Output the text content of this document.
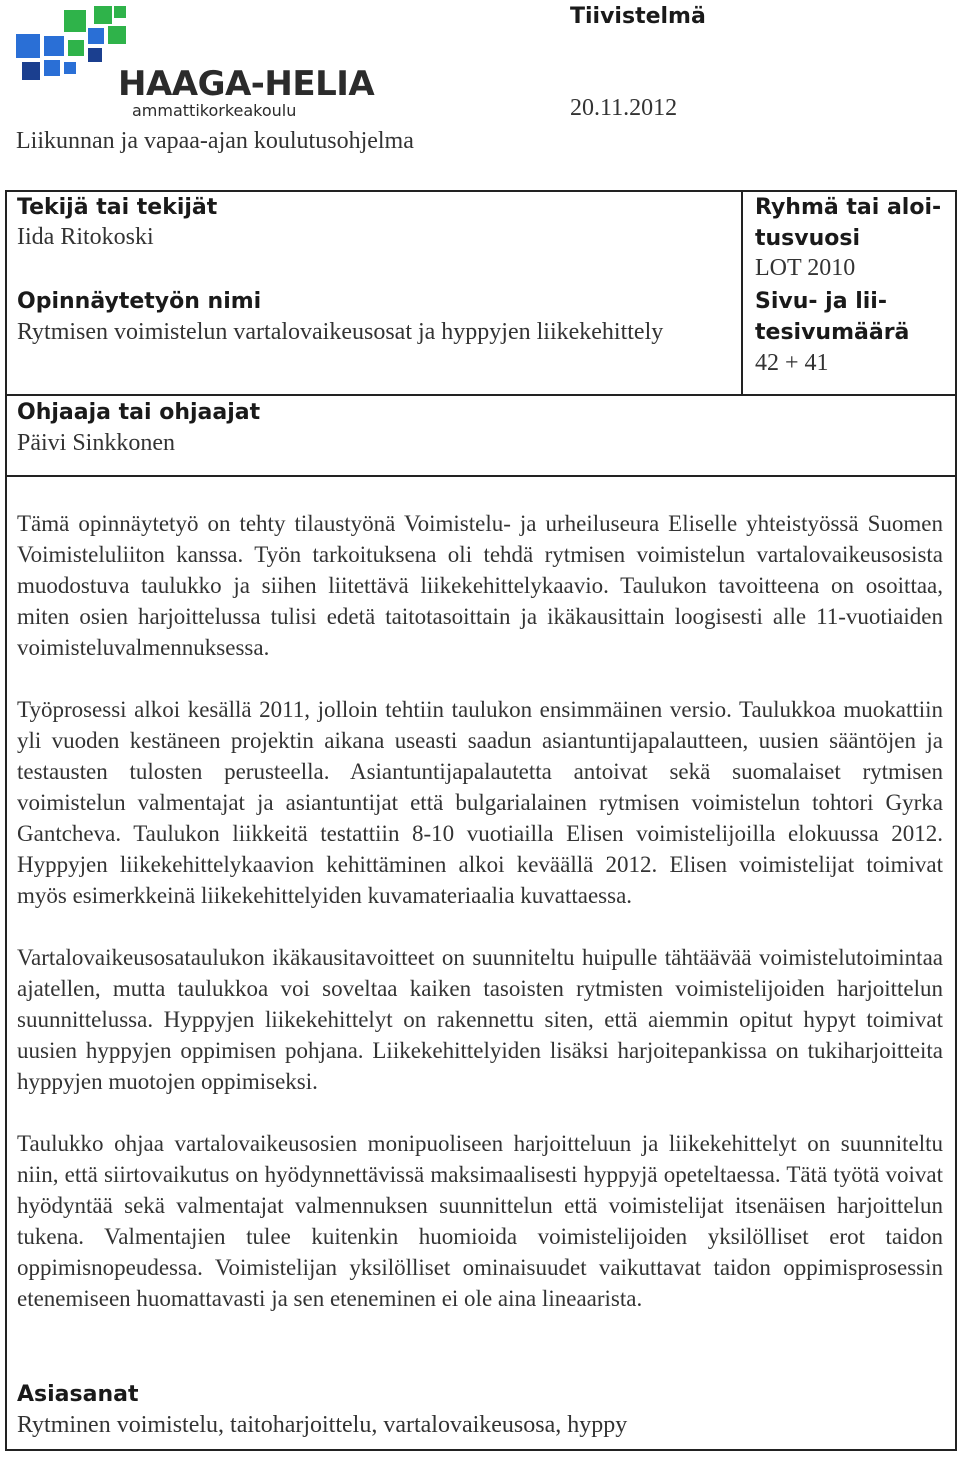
HAAGA-HELIA
ammattikorkeakoulu
Tiivistelmä
20.11.2012
Liikunnan ja vapaa-ajan koulutusohjelma
Tekijä tai tekijät
Iida Ritokoski
Ryhmä tai aloi-
tusvuosi
LOT 2010
Opinnäytetyön nimi
Rytmisen voimistelun vartalovaikeusosat ja hyppyjen liikekehittely
Sivu- ja lii-
tesivumäärä
42 + 41
Ohjaaja tai ohjaajat
Päivi Sinkkonen

Tämä opinnäytetyö on tehty tilaustyönä Voimistelu- ja urheiluseura Eliselle yhteistyössä Suomen Voimisteluliiton kanssa. Työn tarkoituksena oli tehdä rytmisen voimistelun vartalovaikeusosista muodostuva taulukko ja siihen liitettävä liikekehittelykaavio. Taulukon tavoitteena on osoittaa, miten osien harjoittelussa tulisi edetä taitotasoittain ja ikäkausittain loogisesti alle 11-vuotiaiden voimisteluvalmennuksessa.

Työprosessi alkoi kesällä 2011, jolloin tehtiin taulukon ensimmäinen versio. Taulukkoa muokattiin yli vuoden kestäneen projektin aikana useasti saadun asiantuntijapalautteen, uusien sääntöjen ja testausten tulosten perusteella. Asiantuntijapalautetta antoivat sekä suomalaiset rytmisen voimistelun valmentajat ja asiantuntijat että bulgarialainen rytmisen voimistelun tohtori Gyrka Gantcheva. Taulukon liikkeitä testattiin 8-10 vuotiailla Elisen voimistelijoilla elokuussa 2012. Hyppyjen liikekehittelykaavion kehittäminen alkoi keväällä 2012. Elisen voimistelijat toimivat myös esimerkkeinä liikekehittelyiden kuvamateriaalia kuvattaessa.

Vartalovaikeusosataulukon ikäkausitavoitteet on suunniteltu huipulle tähtäävää voimistelutoimintaa ajatellen, mutta taulukkoa voi soveltaa kaiken tasoisten rytmisten voimistelijoiden harjoittelun suunnittelussa. Hyppyjen liikekehittelyt on rakennettu siten, että aiemmin opitut hypyt toimivat uusien hyppyjen oppimisen pohjana. Liikekehittelyiden lisäksi harjoitepankissa on tukiharjoitteita hyppyjen muotojen oppimiseksi.

Taulukko ohjaa vartalovaikeusosien monipuoliseen harjoitteluun ja liikekehittelyt on suunniteltu niin, että siirtovaikutus on hyödynnettävissä maksimaalisesti hyppyjä opeteltaessa. Tätä työtä voivat hyödyntää sekä valmentajat valmennuksen suunnittelun että voimistelijat itsenäisen harjoittelun tukena. Valmentajien tulee kuitenkin huomioida voimistelijoiden yksilölliset erot taidon oppimisnopeudessa. Voimistelijan yksilölliset ominaisuudet vaikuttavat taidon oppimisprosessin etenemiseen huomattavasti ja sen eteneminen ei ole aina lineaarista.

Asiasanat
Rytminen voimistelu, taitoharjoittelu, vartalovaikeusosa, hyppy
